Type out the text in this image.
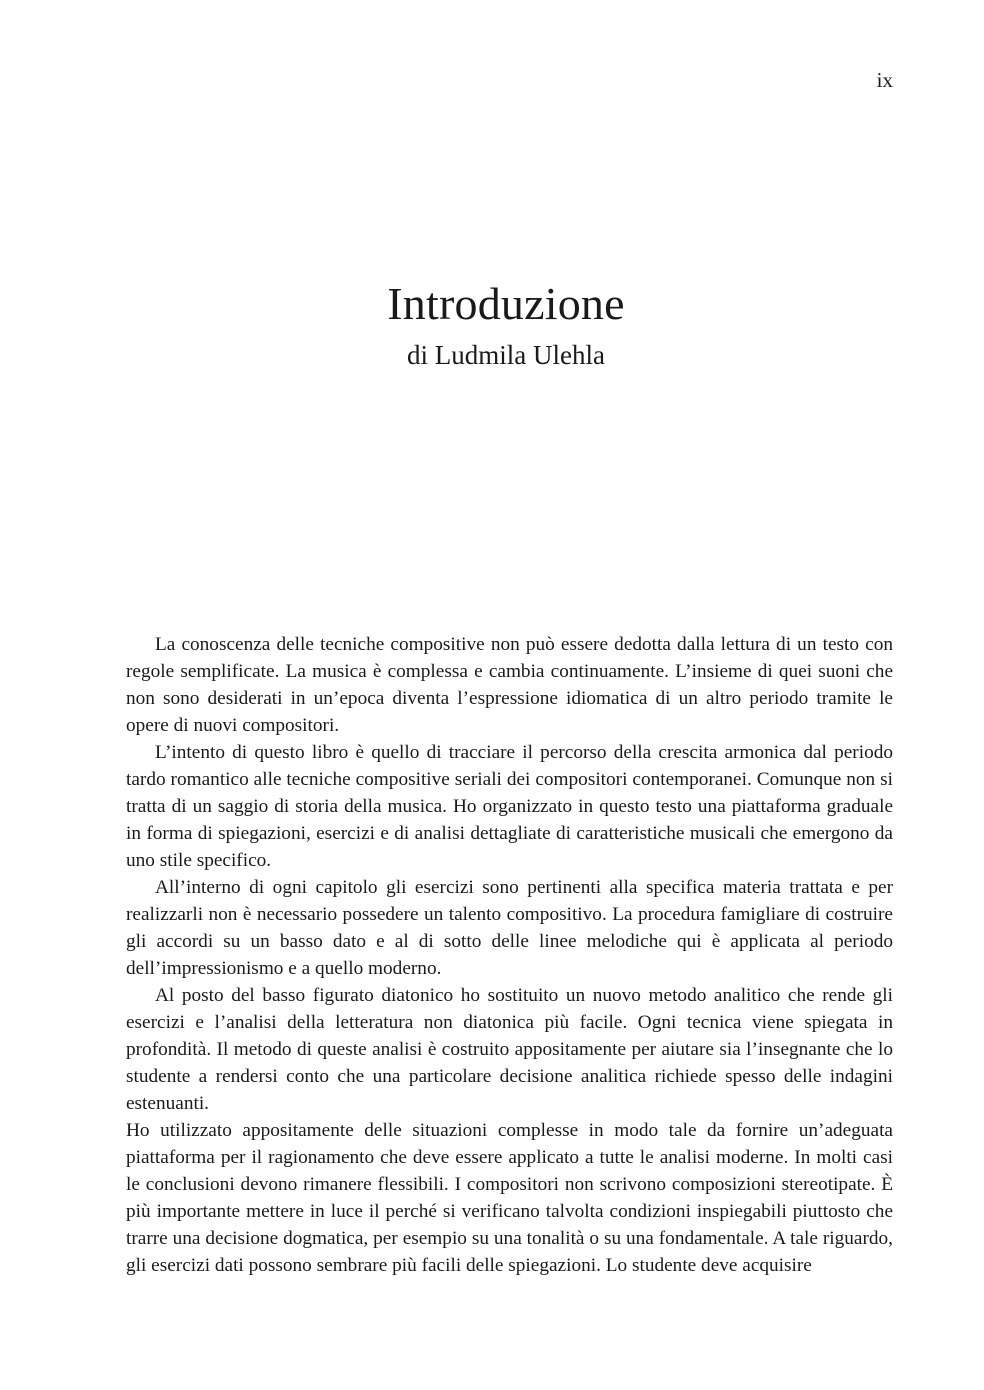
ix
Introduzione
di Ludmila Ulehla

La conoscenza delle tecniche compositive non può essere dedotta dalla lettura di un testo con regole semplificate. La musica è complessa e cambia continuamente. L’insieme di quei suoni che non sono desiderati in un’epoca diventa l’espressione idiomatica di un altro periodo tramite le opere di nuovi compositori.

L’intento di questo libro è quello di tracciare il percorso della crescita armonica dal periodo tardo romantico alle tecniche compositive seriali dei compositori contemporanei. Comunque non si tratta di un saggio di storia della musica. Ho organizzato in questo testo una piattaforma graduale in forma di spiegazioni, esercizi e di analisi dettagliate di caratteristiche musicali che emergono da uno stile specifico.

All’interno di ogni capitolo gli esercizi sono pertinenti alla specifica materia trattata e per realizzarli non è necessario possedere un talento compositivo. La procedura famigliare di costruire gli accordi su un basso dato e al di sotto delle linee melodiche qui è applicata al periodo dell’impressionismo e a quello moderno.

Al posto del basso figurato diatonico ho sostituito un nuovo metodo analitico che rende gli esercizi e l’analisi della letteratura non diatonica più facile. Ogni tecnica viene spiegata in profondità. Il metodo di queste analisi è costruito appositamente per aiutare sia l’insegnante che lo studente a rendersi conto che una particolare decisione analitica richiede spesso delle indagini estenuanti.

Ho utilizzato appositamente delle situazioni complesse in modo tale da fornire un’adeguata piattaforma per il ragionamento che deve essere applicato a tutte le analisi moderne. In molti casi le conclusioni devono rimanere flessibili. I compositori non scrivono composizioni stereotipate. È più importante mettere in luce il perché si verificano talvolta condizioni inspiegabili piuttosto che trarre una decisione dogmatica, per esempio su una tonalità o su una fondamentale. A tale riguardo, gli esercizi dati possono sembrare più facili delle spiegazioni. Lo studente deve acquisire
